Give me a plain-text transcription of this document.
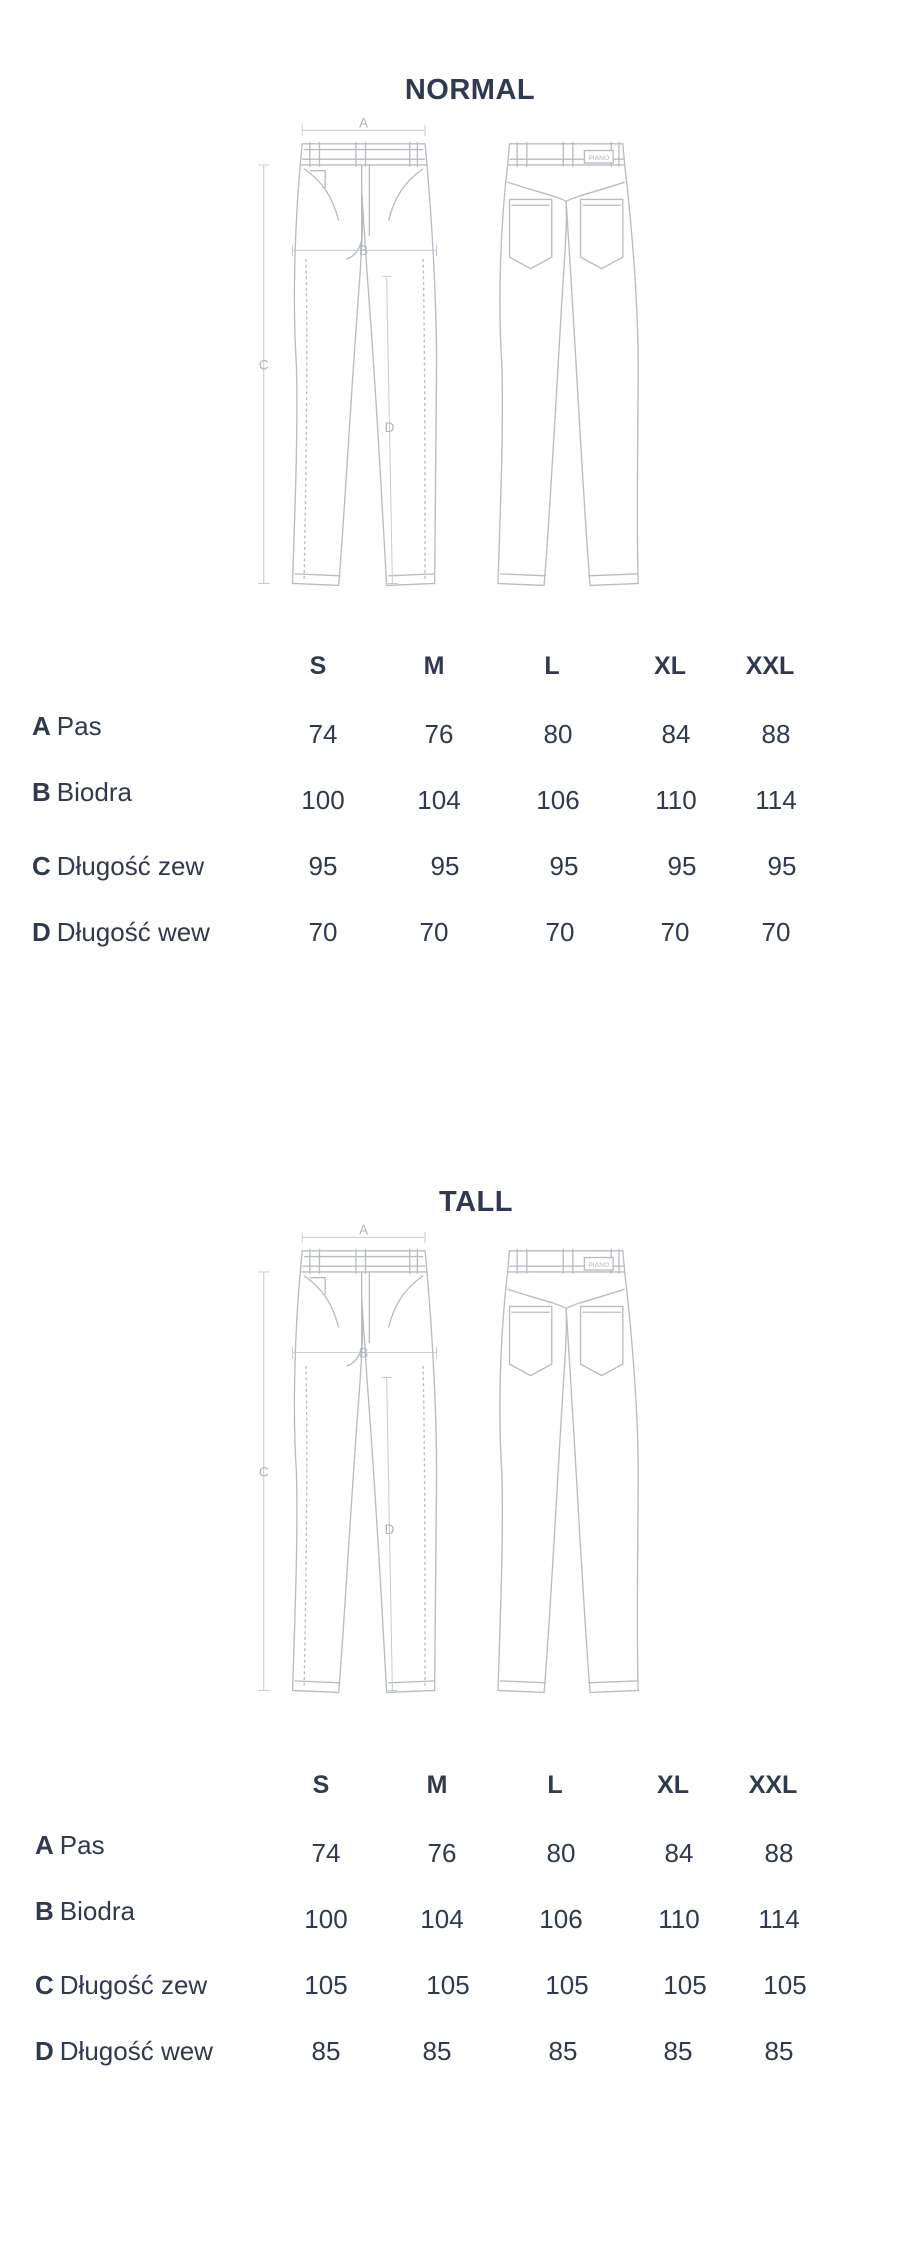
NORMAL
A
B
C
D
PIANO
S	M	L	XL	XXL
A Pas	74	76	80	84	88
B Biodra	100	104	106	110	114
C Długość zew	95	95	95	95	95
D Długość wew	70	70	70	70	70
TALL
A
B
C
D
PIANO
S	M	L	XL	XXL
A Pas	74	76	80	84	88
B Biodra	100	104	106	110	114
C Długość zew	105	105	105	105	105
D Długość wew	85	85	85	85	85
